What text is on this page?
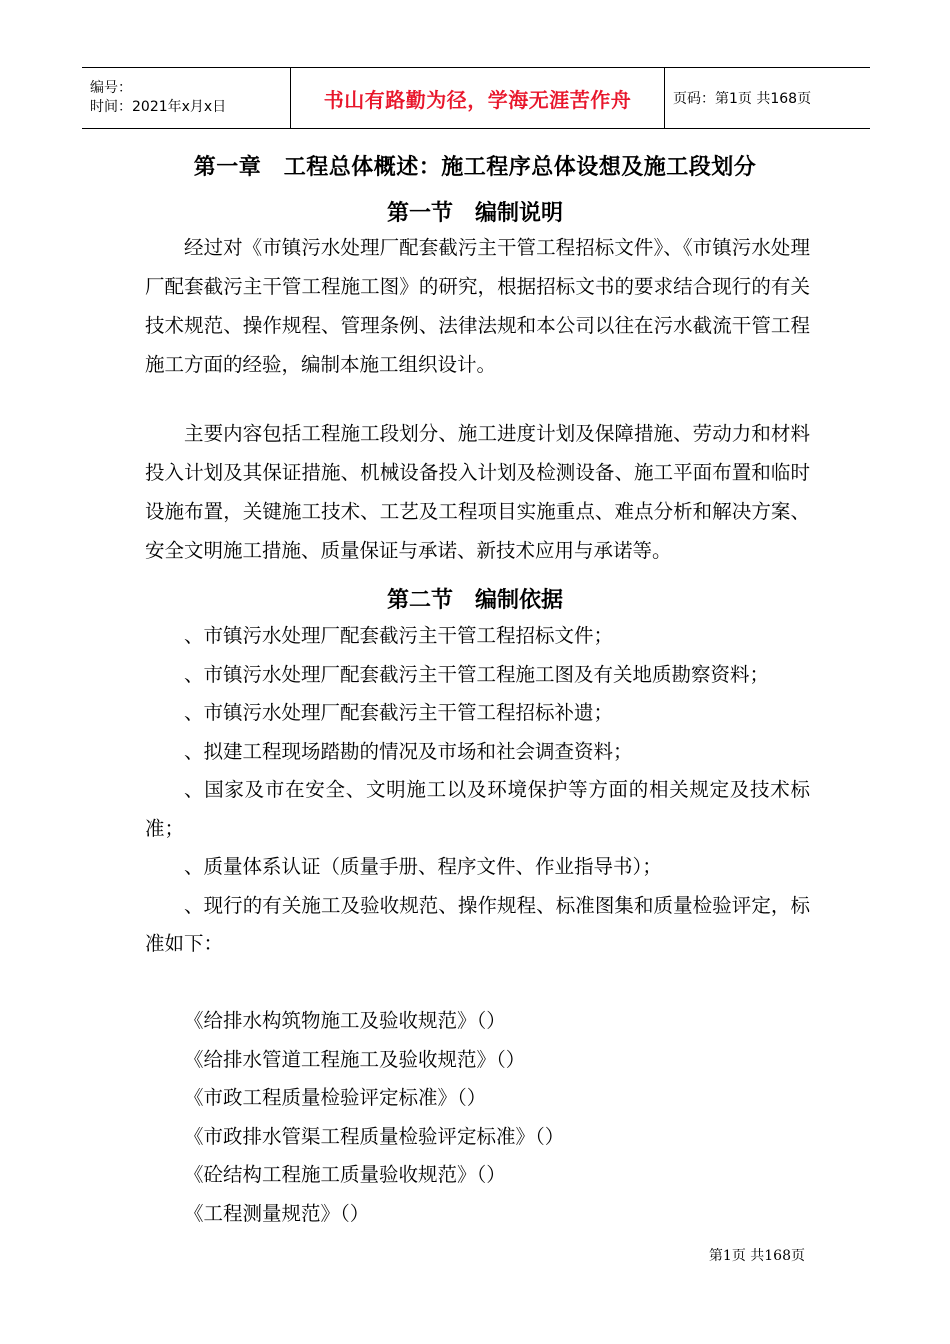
编号：
时间：2021年x月x日	书山有路勤为径，学海无涯苦作舟	页码：第1页 共168页
第一章　工程总体概述：施工程序总体设想及施工段划分
第一节　编制说明

经过对《市镇污水处理厂配套截污主干管工程招标文件》、《市镇污水处理厂配套截污主干管工程施工图》的研究，根据招标文书的要求结合现行的有关技术规范、操作规程、管理条例、法律法规和本公司以往在污水截流干管工程施工方面的经验，编制本施工组织设计。

主要内容包括工程施工段划分、施工进度计划及保障措施、劳动力和材料投入计划及其保证措施、机械设备投入计划及检测设备、施工平面布置和临时设施布置，关键施工技术、工艺及工程项目实施重点、难点分析和解决方案、安全文明施工措施、质量保证与承诺、新技术应用与承诺等。

第二节　编制依据
、市镇污水处理厂配套截污主干管工程招标文件；
、市镇污水处理厂配套截污主干管工程施工图及有关地质勘察资料；
、市镇污水处理厂配套截污主干管工程招标补遗；
、拟建工程现场踏勘的情况及市场和社会调查资料；
、国家及市在安全、文明施工以及环境保护等方面的相关规定及技术标准；
、质量体系认证（质量手册、程序文件、作业指导书）；
、现行的有关施工及验收规范、操作规程、标准图集和质量检验评定，标准如下：
《给排水构筑物施工及验收规范》（）
《给排水管道工程施工及验收规范》（）
《市政工程质量检验评定标准》（）
《市政排水管渠工程质量检验评定标准》（）
《砼结构工程施工质量验收规范》（）
《工程测量规范》（）
第1页 共168页
